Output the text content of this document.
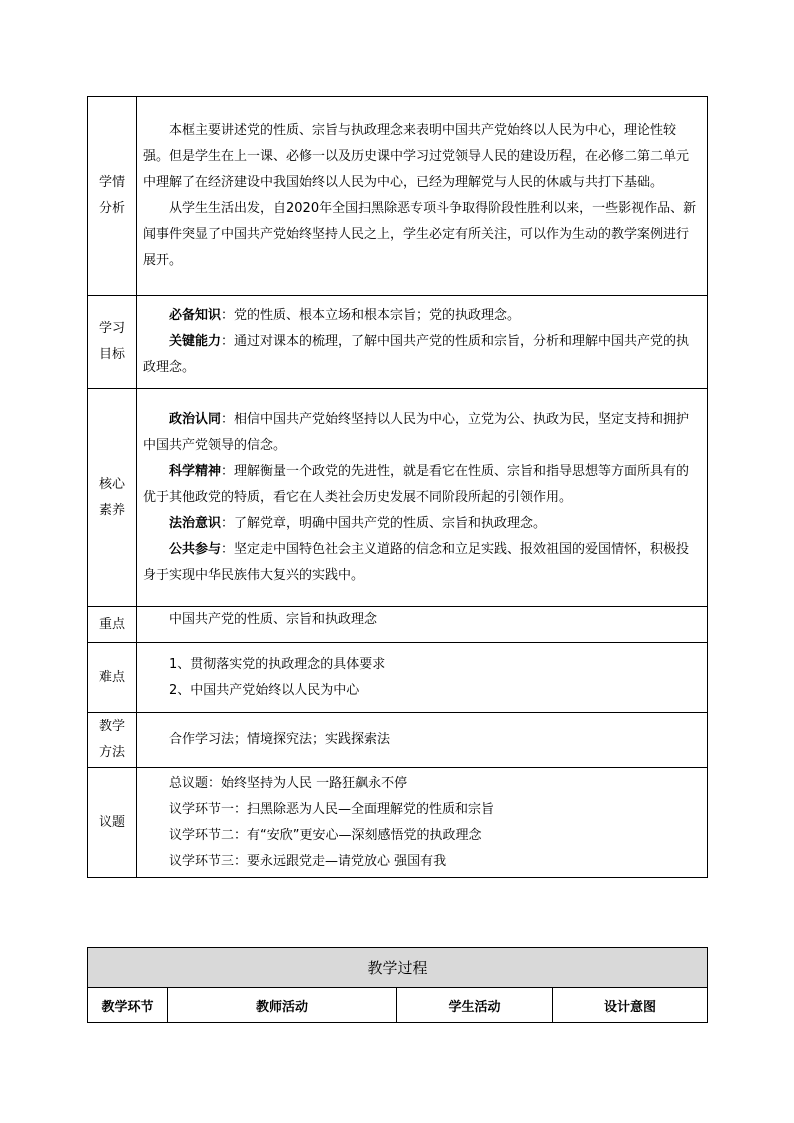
学情分析	本框主要讲述党的性质、宗旨与执政理念来表明中国共产党始终以人民为中心，理论性较强。但是学生在上一课、必修一以及历史课中学习过党领导人民的建设历程，在必修二第二单元中理解了在经济建设中我国始终以人民为中心，已经为理解党与人民的休戚与共打下基础。

从学生生活出发，自2020年全国扫黑除恶专项斗争取得阶段性胜利以来，一些影视作品、新闻事件突显了中国共产党始终坚持人民之上，学生必定有所关注，可以作为生动的教学案例进行展开。

学习目标	必备知识：党的性质、根本立场和根本宗旨；党的执政理念。

关键能力：通过对课本的梳理，了解中国共产党的性质和宗旨，分析和理解中国共产党的执政理念。

核心素养	政治认同：相信中国共产党始终坚持以人民为中心，立党为公、执政为民，坚定支持和拥护中国共产党领导的信念。

科学精神：理解衡量一个政党的先进性，就是看它在性质、宗旨和指导思想等方面所具有的优于其他政党的特质，看它在人类社会历史发展不同阶段所起的引领作用。

法治意识：了解党章，明确中国共产党的性质、宗旨和执政理念。

公共参与：坚定走中国特色社会主义道路的信念和立足实践、报效祖国的爱国情怀，积极投身于实现中华民族伟大复兴的实践中。

重点	中国共产党的性质、宗旨和执政理念

难点	1、贯彻落实党的执政理念的具体要求

2、中国共产党始终以人民为中心

教学方法	合作学习法；情境探究法；实践探索法

议题	总议题：始终坚持为人民 一路狂飙永不停

议学环节一：扫黑除恶为人民—全面理解党的性质和宗旨

议学环节二：有“安欣”更安心—深刻感悟党的执政理念

议学环节三：要永远跟党走—请党放心 强国有我

教学过程
教学环节	教师活动	学生活动	设计意图
